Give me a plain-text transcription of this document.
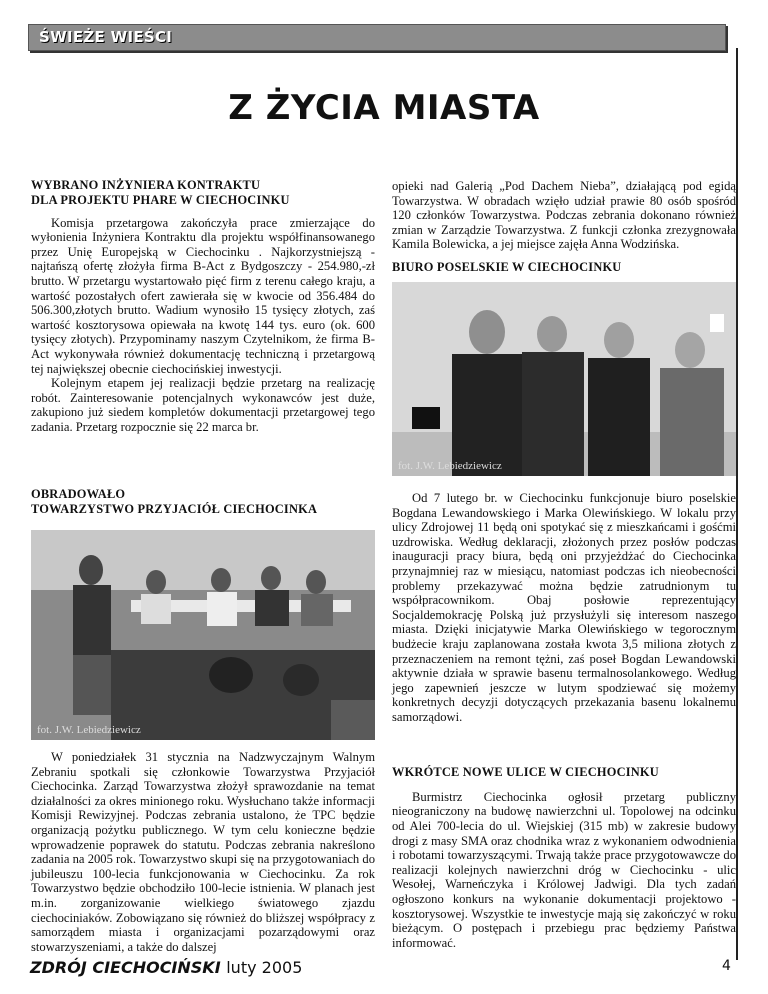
ŚWIEŻE WIEŚCI
Z ŻYCIA MIASTA
WYBRANO INŻYNIERA KONTRAKTU
DLA PROJEKTU PHARE W CIECHOCINKU

Komisja przetargowa zakończyła prace zmierzające do wyłonienia Inżyniera Kontraktu dla projektu współfinansowanego przez Unię Europejską w Ciechocinku . Najkorzystniejszą - najtańszą ofertę złożyła firma B-Act z Bydgoszczy - 254.980,-zł brutto. W przetargu wystartowało pięć firm z terenu całego kraju, a wartość pozostałych ofert zawierała się w kwocie od 356.484 do 506.300,złotych brutto. Wadium wynosiło 15 tysięcy złotych, zaś wartość kosztorysowa opiewała na kwotę 144 tys. euro (ok. 600 tysięcy złotych). Przypominamy naszym Czytelnikom, że firma B-Act wykonywała również dokumentację techniczną i przetargową tej największej obecnie ciechocińskiej inwestycji.

Kolejnym etapem jej realizacji będzie przetarg na realizację robót. Zainteresowanie potencjalnych wykonawców jest duże, zakupiono już siedem kompletów dokumentacji przetargowej tego zadania. Przetarg rozpocznie się 22 marca br.

OBRADOWAŁO
TOWARZYSTWO PRZYJACIÓŁ CIECHOCINKA
fot. J.W. Lebiedziewicz

W poniedziałek 31 stycznia na Nadzwyczajnym Walnym Zebraniu spotkali się członkowie Towarzystwa Przyjaciół Ciechocinka. Zarząd Towarzystwa złożył sprawozdanie na temat działalności za okres minionego roku. Wysłuchano także informacji Komisji Rewizyjnej. Podczas zebrania ustalono, że TPC będzie organizacją pożytku publicznego. W tym celu konieczne będzie wprowadzenie poprawek do statutu. Podczas zebrania nakreślono zadania na 2005 rok. Towarzystwo skupi się na przygotowaniach do jubileuszu 100-lecia funkcjonowania w Ciechocinku. Za rok Towarzystwo będzie obchodziło 100-lecie istnienia. W planach jest m.in. zorganizowanie wielkiego światowego zjazdu ciechociniaków. Zobowiązano się również do bliższej współpracy z samorządem miasta i organizacjami pozarządowymi oraz stowarzyszeniami, a także do dalszej

opieki nad Galerią „Pod Dachem Nieba”, działającą pod egidą Towarzystwa. W obradach wzięło udział prawie 80 osób spośród 120 członków Towarzystwa. Podczas zebrania dokonano również zmian w Zarządzie Towarzystwa. Z funkcji członka zrezygnowała Kamila Bolewicka, a jej miejsce zajęła Anna Wodzińska.

BIURO POSELSKIE W CIECHOCINKU
fot. J.W. Lebiedziewicz

Od 7 lutego br. w Ciechocinku funkcjonuje biuro poselskie Bogdana Lewandowskiego i Marka Olewińskiego. W lokalu przy ulicy Zdrojowej 11 będą oni spotykać się z mieszkańcami i gośćmi uzdrowiska. Według deklaracji, złożonych przez posłów podczas inauguracji pracy biura, będą oni przyjeżdżać do Ciechocinka przynajmniej raz w miesiącu, natomiast podczas ich nieobecności problemy przekazywać można będzie zatrudnionym tu współpracownikom. Obaj posłowie reprezentujący Socjaldemokrację Polską już przysłużyli się interesom naszego miasta. Dzięki inicjatywie Marka Olewińskiego w tegorocznym budżecie kraju zaplanowana została kwota 3,5 miliona złotych z przeznaczeniem na remont tężni, zaś poseł Bogdan Lewandowski aktywnie działa w sprawie basenu termalnosolankowego. Według jego zapewnień jeszcze w lutym spodziewać się możemy konkretnych decyzji dotyczących przekazania basenu lokalnemu samorządowi.

WKRÓTCE NOWE ULICE W CIECHOCINKU

Burmistrz Ciechocinka ogłosił przetarg publiczny nieograniczony na budowę nawierzchni ul. Topolowej na odcinku od Alei 700-lecia do ul. Wiejskiej (315 mb) w zakresie budowy drogi z masy SMA oraz chodnika wraz z wykonaniem odwodnienia i robotami towarzyszącymi. Trwają także prace przygotowawcze do realizacji kolejnych nawierzchni dróg w Ciechocinku - ulic Wesołej, Warneńczyka i Królowej Jadwigi. Dla tych zadań ogłoszono konkurs na wykonanie dokumentacji projektowo - kosztorysowej. Wszystkie te inwestycje mają się zakończyć w roku bieżącym. O postępach i przebiegu prac będziemy Państwa informować.

ZDRÓJ CIECHOCIŃSKI luty 2005	4
